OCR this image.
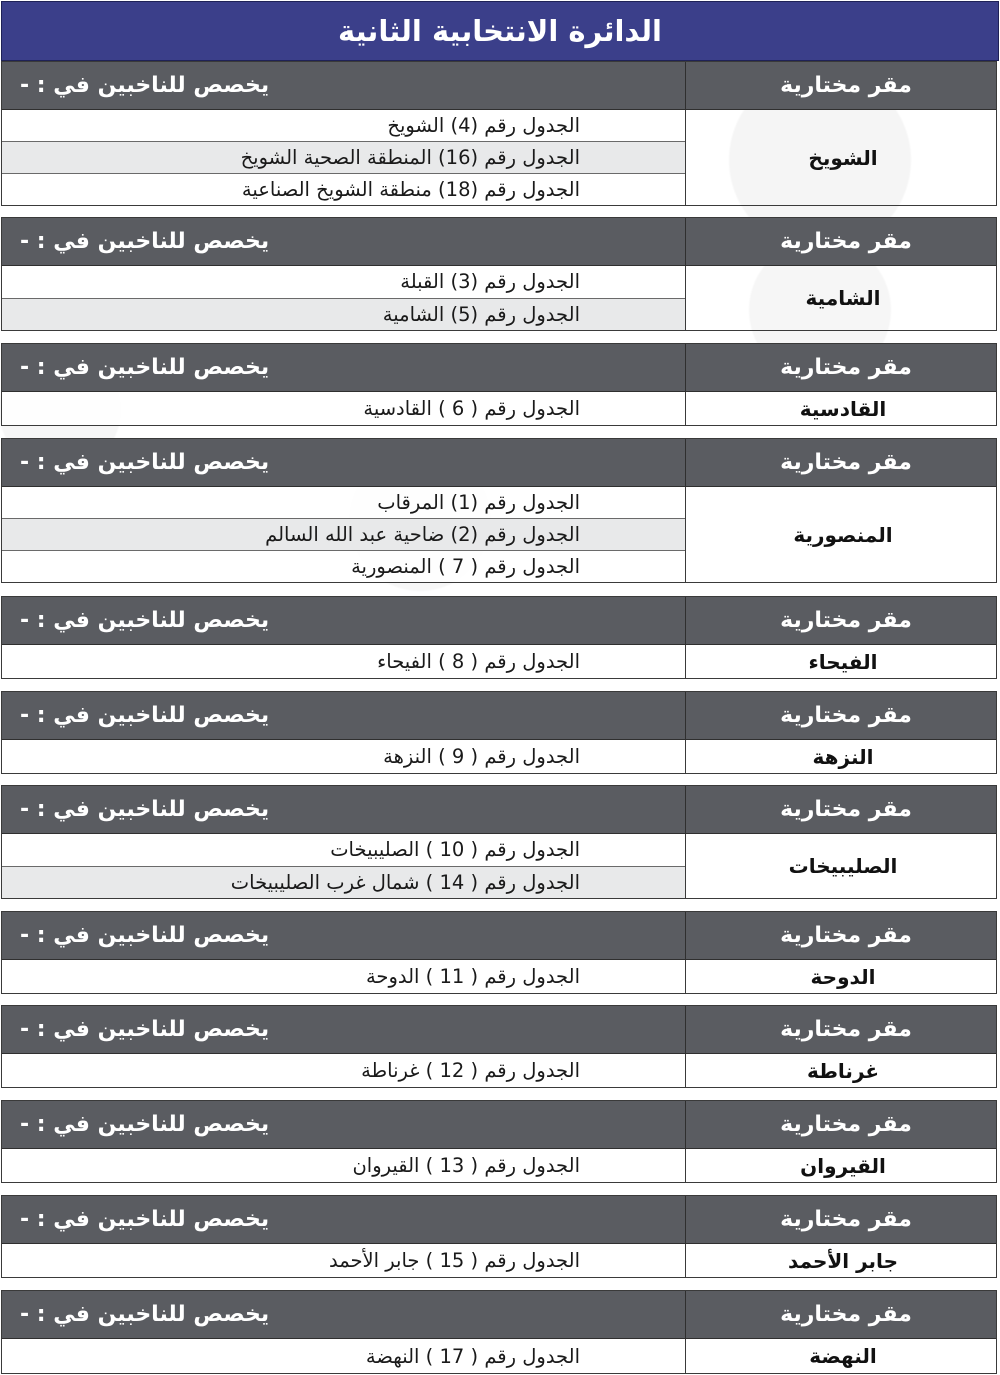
الدائرة الانتخابية الثانية
مقر مختارية
يخصص للناخبين في : -
الشويخ
الجدول رقم (4) الشويخ
الجدول رقم (16) المنطقة الصحية الشويخ
الجدول رقم (18) منطقة الشويخ الصناعية
مقر مختارية
يخصص للناخبين في : -
الشامية
الجدول رقم (3) القبلة
الجدول رقم (5) الشامية
مقر مختارية
يخصص للناخبين في : -
القادسية
الجدول رقم ( 6 ) القادسية
مقر مختارية
يخصص للناخبين في : -
المنصورية
الجدول رقم (1) المرقاب
الجدول رقم (2) ضاحية عبد الله السالم
الجدول رقم ( 7 ) المنصورية
مقر مختارية
يخصص للناخبين في : -
الفيحاء
الجدول رقم ( 8 ) الفيحاء
مقر مختارية
يخصص للناخبين في : -
النزهة
الجدول رقم ( 9 ) النزهة
مقر مختارية
يخصص للناخبين في : -
الصليبيخات
الجدول رقم ( 10 ) الصليبيخات
الجدول رقم ( 14 ) شمال غرب الصليبيخات
مقر مختارية
يخصص للناخبين في : -
الدوحة
الجدول رقم ( 11 ) الدوحة
مقر مختارية
يخصص للناخبين في : -
غرناطة
الجدول رقم ( 12 ) غرناطة
مقر مختارية
يخصص للناخبين في : -
القيروان
الجدول رقم ( 13 ) القيروان
مقر مختارية
يخصص للناخبين في : -
جابر الأحمد
الجدول رقم ( 15 ) جابر الأحمد
مقر مختارية
يخصص للناخبين في : -
النهضة
الجدول رقم ( 17 ) النهضة
